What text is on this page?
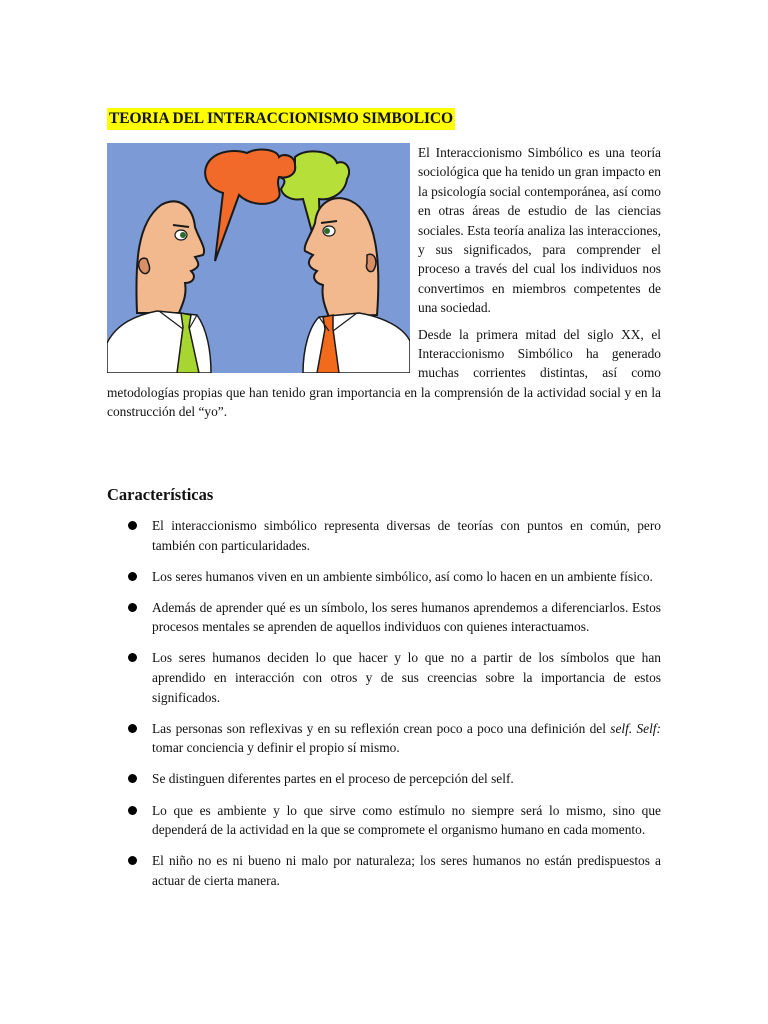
TEORIA DEL INTERACCIONISMO SIMBOLICO
©casper

El Interaccionismo Simbólico es una teoría sociológica que ha tenido un gran impacto en la psicología social contemporánea, así como en otras áreas de estudio de las ciencias sociales. Esta teoría analiza las interacciones, y sus significados, para comprender el proceso a través del cual los individuos nos convertimos en miembros competentes de una sociedad.

Desde la primera mitad del siglo XX, el Interaccionismo Simbólico ha generado muchas corrientes distintas, así como metodologías propias que han tenido gran importancia en la comprensión de la actividad social y en la construcción del “yo”.

Características
El interaccionismo simbólico representa diversas de teorías con puntos en común, pero también con particularidades.
Los seres humanos viven en un ambiente simbólico, así como lo hacen en un ambiente físico.
Además de aprender qué es un símbolo, los seres humanos aprendemos a diferenciarlos. Estos procesos mentales se aprenden de aquellos individuos con quienes interactuamos.
Los seres humanos deciden lo que hacer y lo que no a partir de los símbolos que han aprendido en interacción con otros y de sus creencias sobre la importancia de estos significados.
Las personas son reflexivas y en su reflexión crean poco a poco una definición del self. Self: tomar conciencia y definir el propio sí mismo.
Se distinguen diferentes partes en el proceso de percepción del self.
Lo que es ambiente y lo que sirve como estímulo no siempre será lo mismo, sino que dependerá de la actividad en la que se compromete el organismo humano en cada momento.
El niño no es ni bueno ni malo por naturaleza; los seres humanos no están predispuestos a actuar de cierta manera.
